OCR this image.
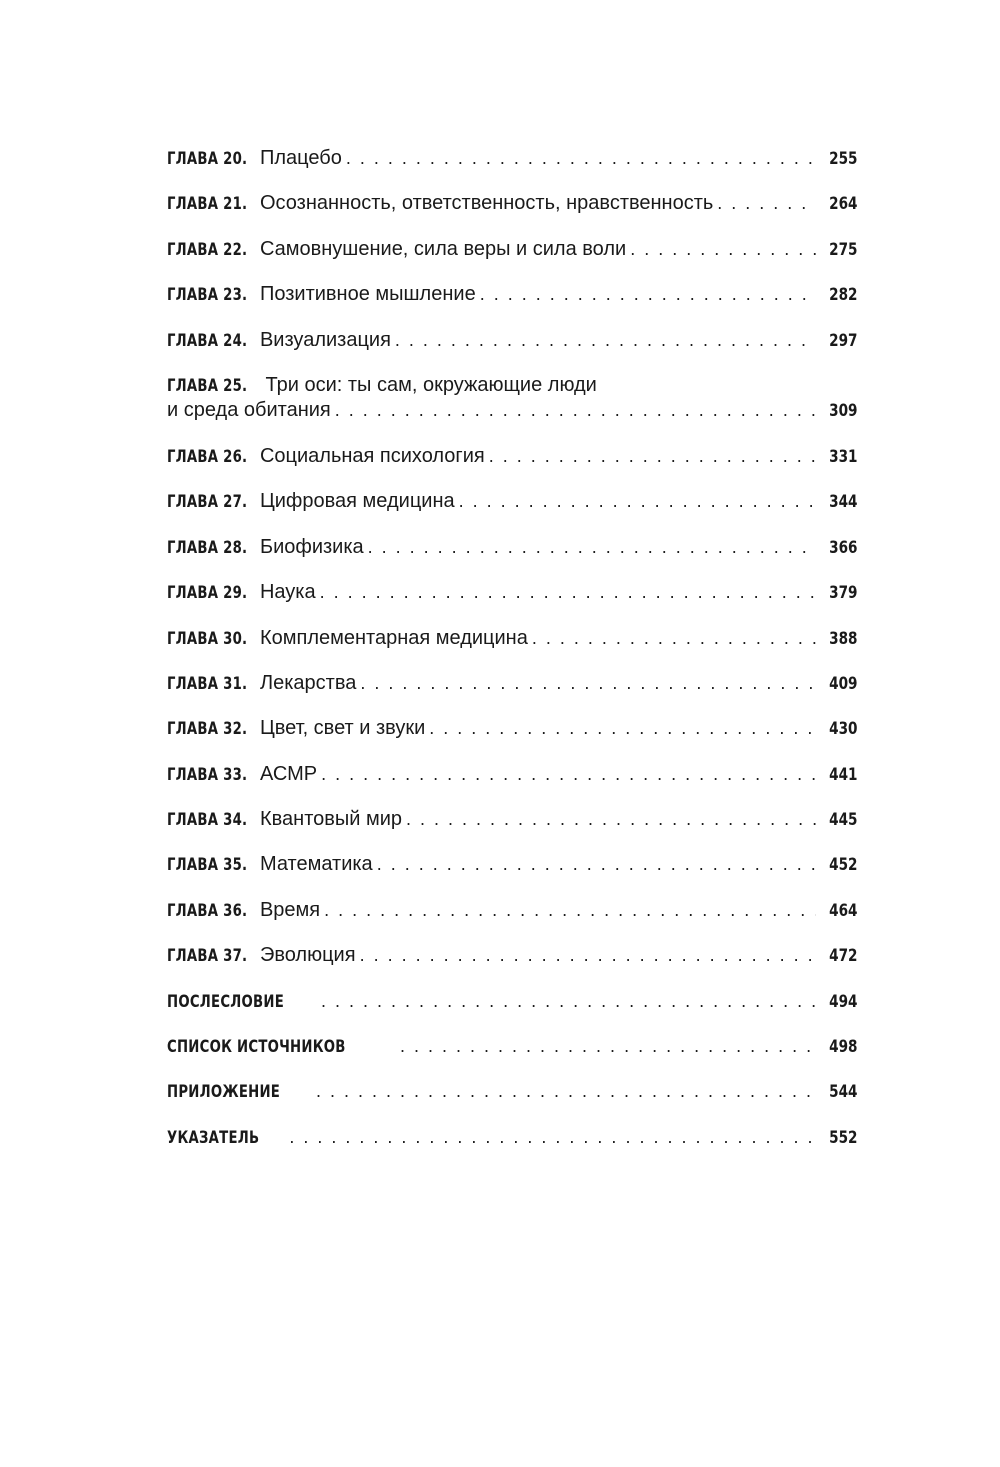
ГЛАВА 20. Плацебо . . .	255
ГЛАВА 21. Осознанность, ответственность, нравственность . . .	264
ГЛАВА 22. Самовнушение, сила веры и сила воли . . .	275
ГЛАВА 23. Позитивное мышление . . .	282
ГЛАВА 24. Визуализация . . .	297
ГЛАВА 25. Три оси: ты сам, окружающие люди
и среда обитания . . .	309
ГЛАВА 26. Социальная психология . . .	331
ГЛАВА 27. Цифровая медицина . . .	344
ГЛАВА 28. Биофизика . . .	366
ГЛАВА 29. Наука . . .	379
ГЛАВА 30. Комплементарная медицина . . .	388
ГЛАВА 31. Лекарства . . .	409
ГЛАВА 32. Цвет, свет и звуки . . .	430
ГЛАВА 33. АСМР . . .	441
ГЛАВА 34. Квантовый мир . . .	445
ГЛАВА 35. Математика . . .	452
ГЛАВА 36. Время . . .	464
ГЛАВА 37. Эволюция . . .	472
ПОСЛЕСЛОВИЕ . . .	494
СПИСОК ИСТОЧНИКОВ . . .	498
ПРИЛОЖЕНИЕ . . .	544
УКАЗАТЕЛЬ . . .	552
